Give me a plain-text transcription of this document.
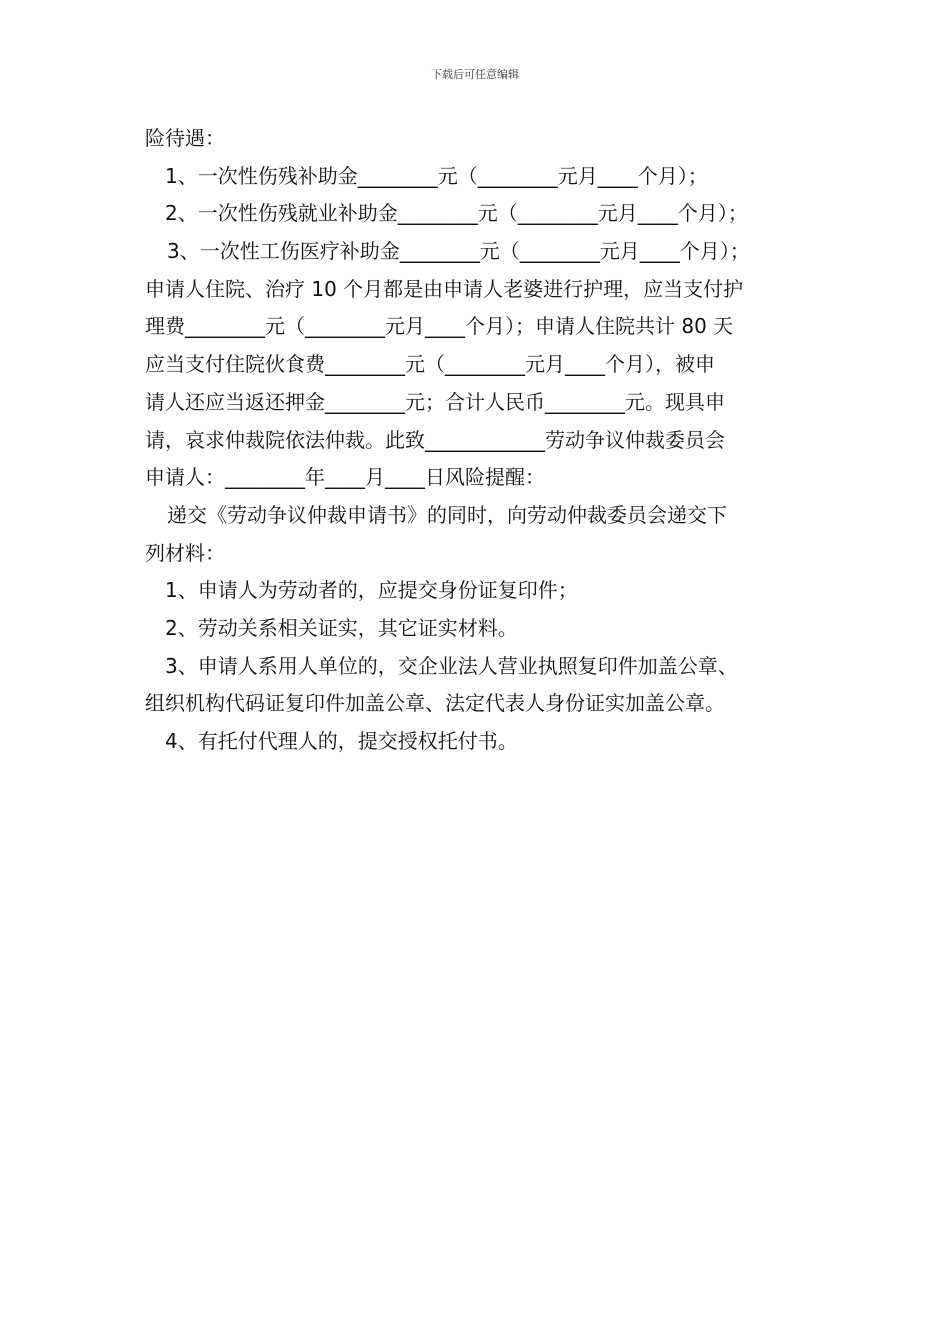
下载后可任意编辑
险待遇：
1、一次性伤残补助金________元（________元月____个月）；
2、一次性伤残就业补助金________元（________元月____个月）；
3、一次性工伤医疗补助金________元（________元月____个月）；
申请人住院、治疗 10 个月都是由申请人老婆进行护理，应当支付护
理费________元（________元月____个月）；申请人住院共计 80 天
应当支付住院伙食费________元（________元月____个月），被申
请人还应当返还押金________元；合计人民币________元。现具申
请，哀求仲裁院依法仲裁。此致____________劳动争议仲裁委员会
申请人：________年____月____日风险提醒：
递交《劳动争议仲裁申请书》的同时，向劳动仲裁委员会递交下
列材料：
1、申请人为劳动者的，应提交身份证复印件；
2、劳动关系相关证实，其它证实材料。
3、申请人系用人单位的，交企业法人营业执照复印件加盖公章、
组织机构代码证复印件加盖公章、法定代表人身份证实加盖公章。
4、有托付代理人的，提交授权托付书。
